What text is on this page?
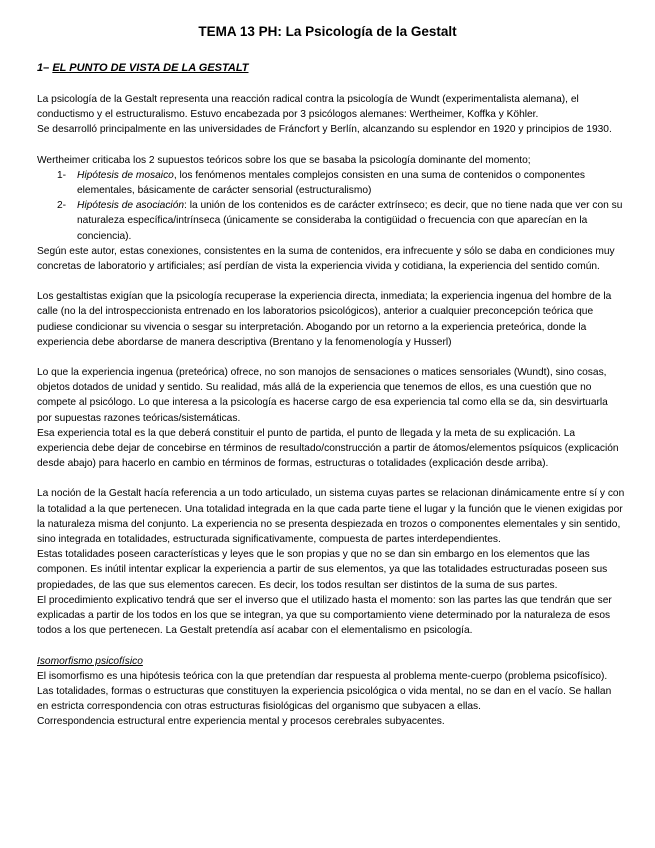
TEMA 13 PH: La Psicología de la Gestalt
1– EL PUNTO DE VISTA DE LA GESTALT

La psicología de la Gestalt representa una reacción radical contra la psicología de Wundt (experimentalista alemana), el conductismo y el estructuralismo. Estuvo encabezada por 3 psicólogos alemanes: Wertheimer, Koffka y Köhler.

Se desarrolló principalmente en las universidades de Fráncfort y Berlín, alcanzando su esplendor en 1920 y principios de 1930.

Wertheimer criticaba los 2 supuestos teóricos sobre los que se basaba la psicología dominante del momento;

1- Hipótesis de mosaico, los fenómenos mentales complejos consisten en una suma de contenidos o componentes elementales, básicamente de carácter sensorial (estructuralismo)
2- Hipótesis de asociación: la unión de los contenidos es de carácter extrínseco; es decir, que no tiene nada que ver con su naturaleza específica/intrínseca (únicamente se consideraba la contigüidad o frecuencia con que aparecían en la conciencia).

Según este autor, estas conexiones, consistentes en la suma de contenidos, era infrecuente y sólo se daba en condiciones muy concretas de laboratorio y artificiales; así perdían de vista la experiencia vivida y cotidiana, la experiencia del sentido común.

Los gestaltistas exigían que la psicología recuperase la experiencia directa, inmediata; la experiencia ingenua del hombre de la calle (no la del introspeccionista entrenado en los laboratorios psicológicos), anterior a cualquier preconcepción teórica que pudiese condicionar su vivencia o sesgar su interpretación. Abogando por un retorno a la experiencia preteórica, donde la experiencia debe abordarse de manera descriptiva (Brentano y la fenomenología y Husserl)

Lo que la experiencia ingenua (preteórica) ofrece, no son manojos de sensaciones o matices sensoriales (Wundt), sino cosas, objetos dotados de unidad y sentido. Su realidad, más allá de la experiencia que tenemos de ellos, es una cuestión que no compete al psicólogo. Lo que interesa a la psicología es hacerse cargo de esa experiencia tal como ella se da, sin desvirtuarla por supuestas razones teóricas/sistemáticas.

Esa experiencia total es la que deberá constituir el punto de partida, el punto de llegada y la meta de su explicación. La experiencia debe dejar de concebirse en términos de resultado/construcción a partir de átomos/elementos psíquicos (explicación desde abajo) para hacerlo en cambio en términos de formas, estructuras o totalidades (explicación desde arriba).

La noción de la Gestalt hacía referencia a un todo articulado, un sistema cuyas partes se relacionan dinámicamente entre sí y con la totalidad a la que pertenecen. Una totalidad integrada en la que cada parte tiene el lugar y la función que le vienen exigidas por la naturaleza misma del conjunto. La experiencia no se presenta despiezada en trozos o componentes elementales y sin sentido, sino integrada en totalidades, estructurada significativamente, compuesta de partes interdependientes.

Estas totalidades poseen características y leyes que le son propias y que no se dan sin embargo en los elementos que las componen. Es inútil intentar explicar la experiencia a partir de sus elementos, ya que las totalidades estructuradas poseen sus propiedades, de las que sus elementos carecen. Es decir, los todos resultan ser distintos de la suma de sus partes.

El procedimiento explicativo tendrá que ser el inverso que el utilizado hasta el momento: son las partes las que tendrán que ser explicadas a partir de los todos en los que se integran, ya que su comportamiento viene determinado por la naturaleza de esos todos a los que pertenecen. La Gestalt pretendía así acabar con el elementalismo en psicología.

Isomorfismo psicofísico

El isomorfismo es una hipótesis teórica con la que pretendían dar respuesta al problema mente-cuerpo (problema psicofísico). Las totalidades, formas o estructuras que constituyen la experiencia psicológica o vida mental, no se dan en el vacío. Se hallan en estricta correspondencia con otras estructuras fisiológicas del organismo que subyacen a ellas.

Correspondencia estructural entre experiencia mental y procesos cerebrales subyacentes.
